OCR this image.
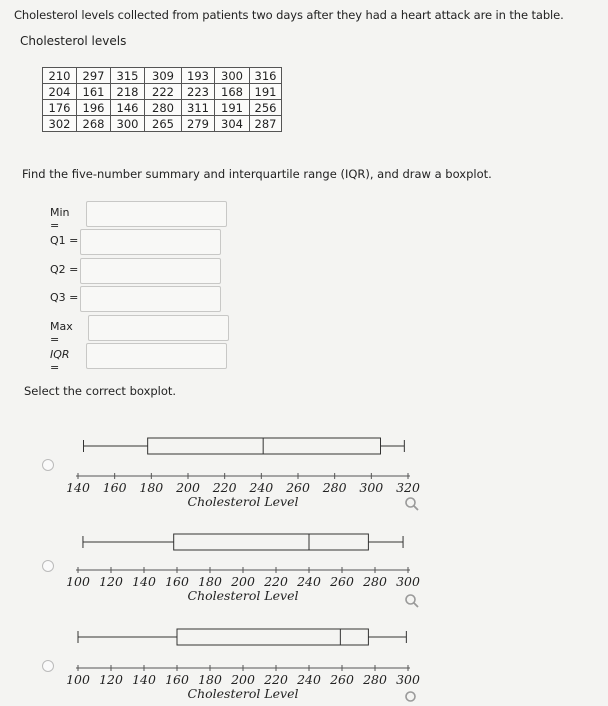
Cholesterol levels collected from patients two days after they had a heart attack are in the table.
Cholesterol levels
210	297	315	309	193	300	316
204	161	218	222	223	168	191
176	196	146	280	311	191	256
302	268	300	265	279	304	287
Find the five-number summary and interquartile range (IQR), and draw a boxplot.
Min =
Q1 =
Q2 =
Q3 =
Max =
IQR =
Select the correct boxplot.
140 160 180 200 220 240 260 280 300 320
Cholesterol Level
100 120 140 160 180 200 220 240 260 280 300
Cholesterol Level
100 120 140 160 180 200 220 240 260 280 300
Cholesterol Level
